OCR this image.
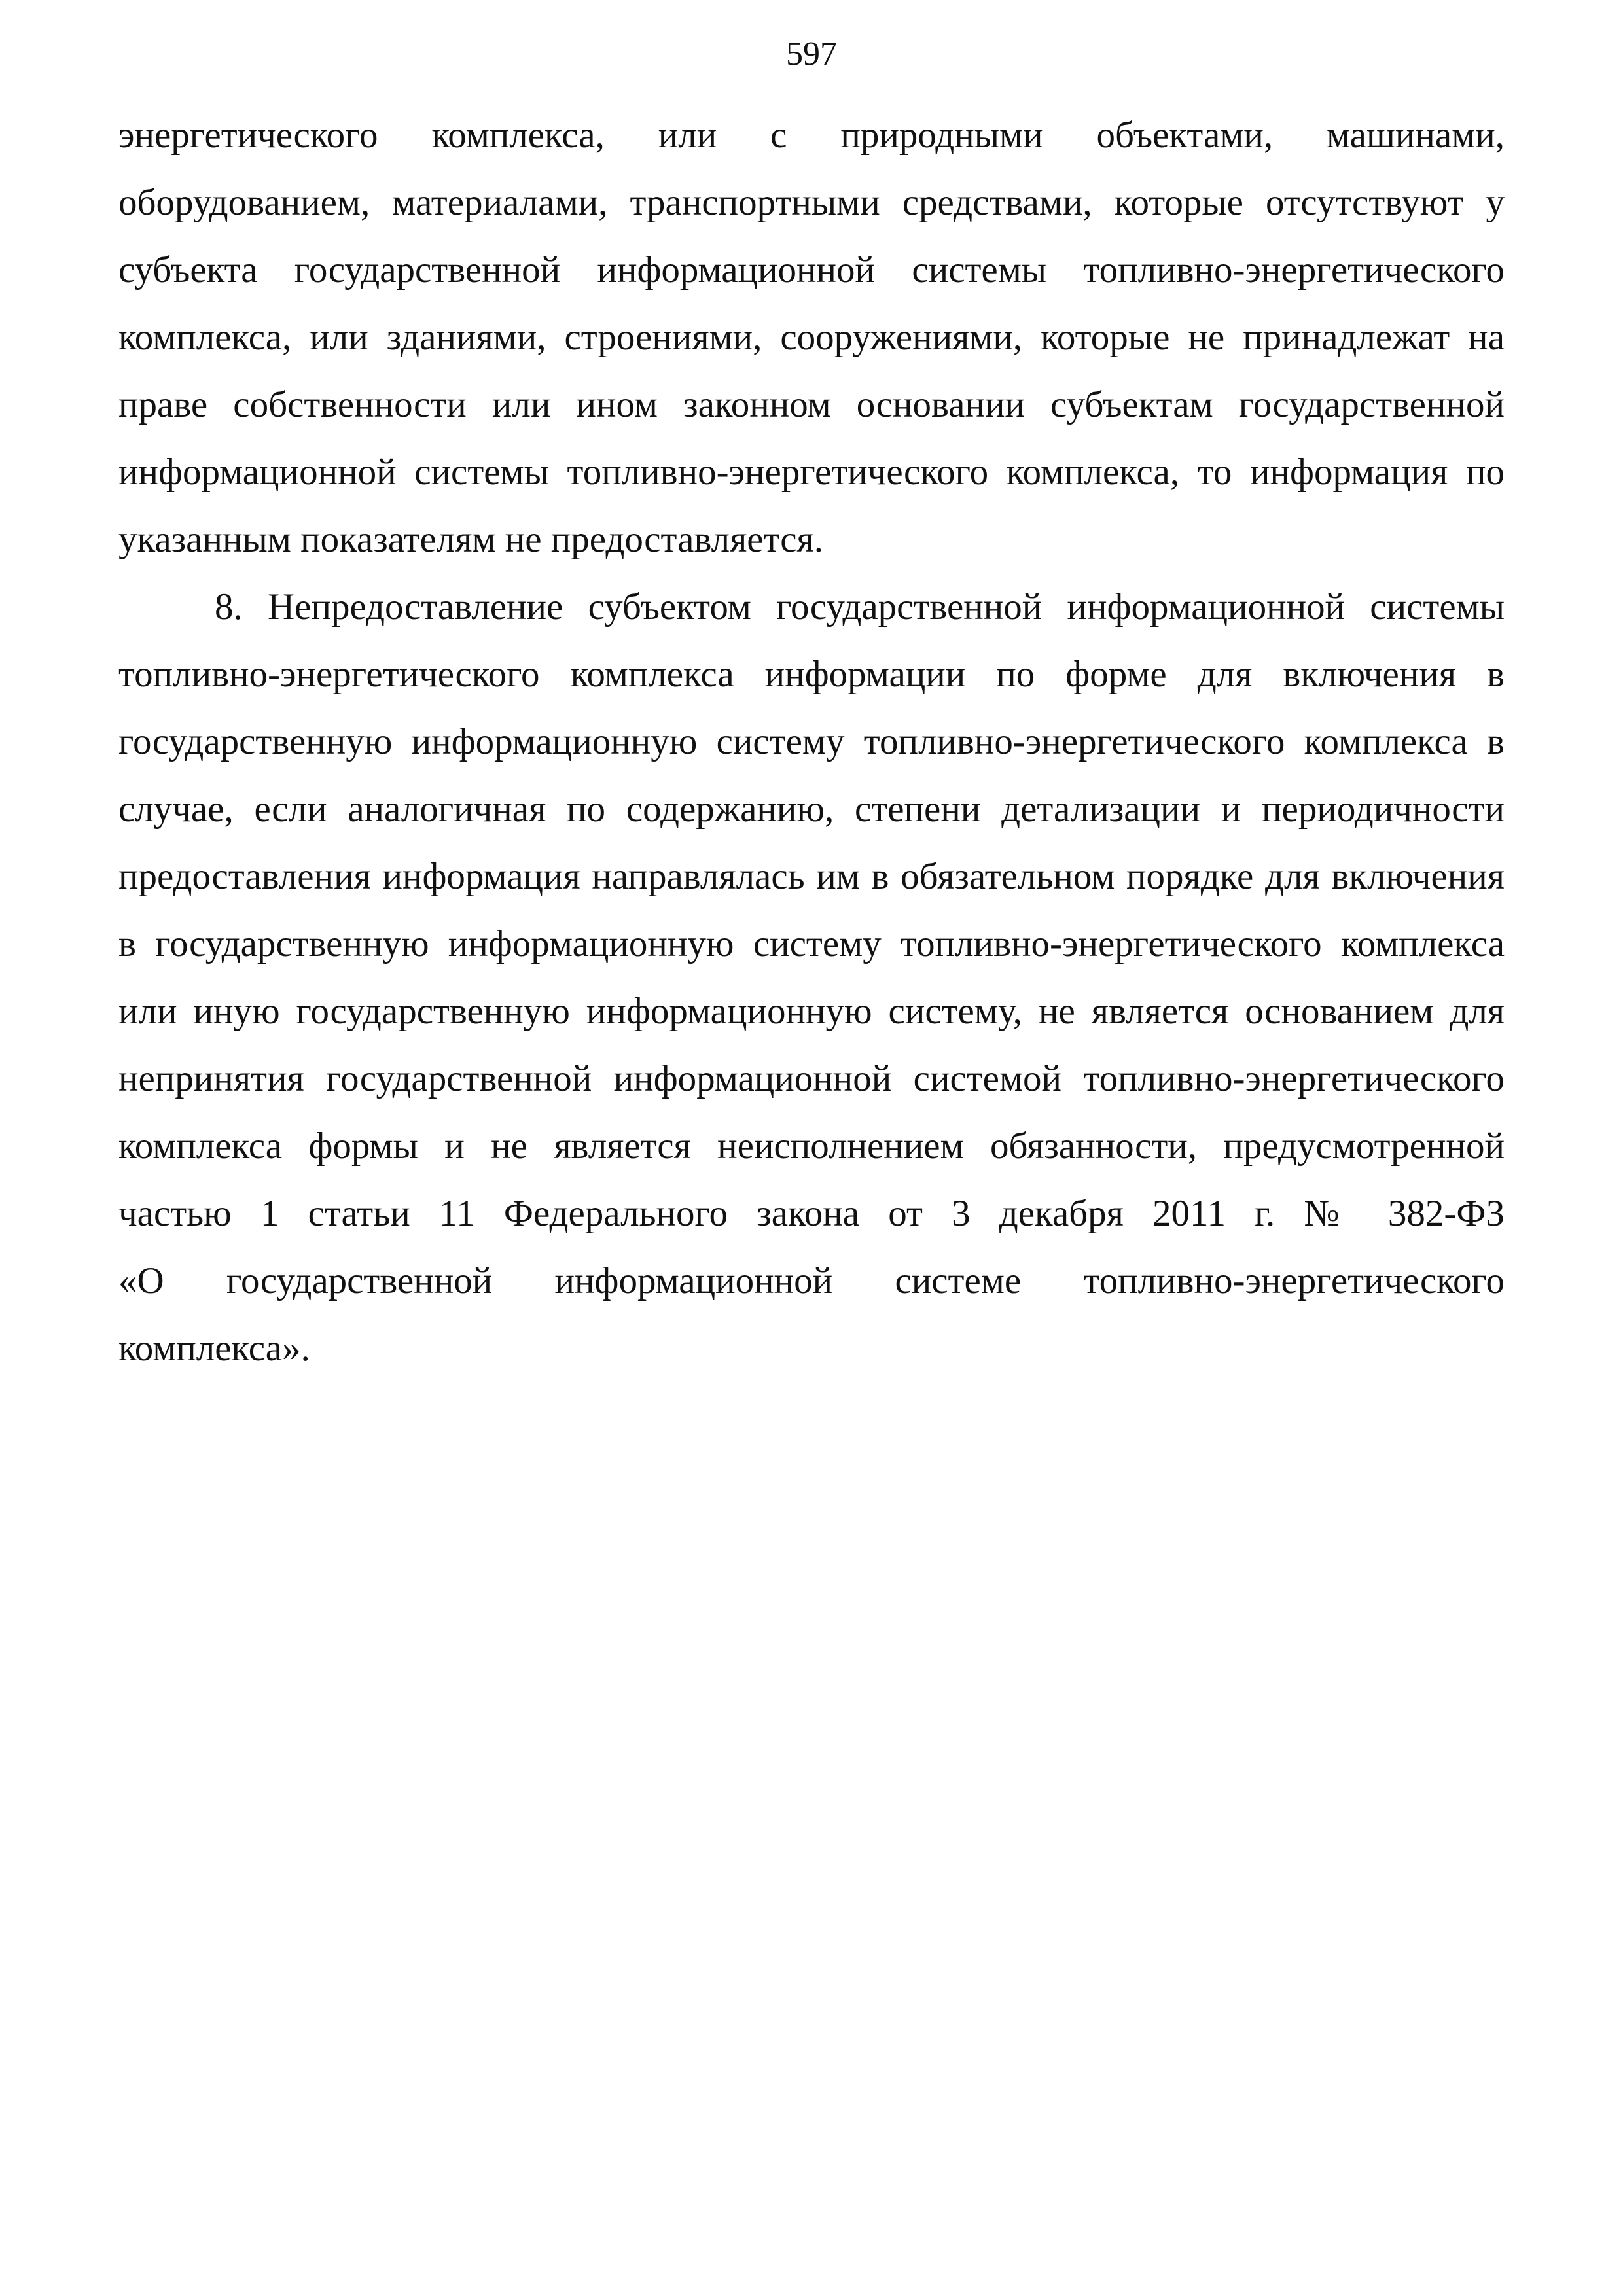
597
энергетического комплекса, или с природными объектами, машинами,
оборудованием, материалами, транспортными средствами, которые отсутствуют у
субъекта государственной информационной системы топливно-энергетического
комплекса, или зданиями, строениями, сооружениями, которые не принадлежат на
праве собственности или ином законном основании субъектам государственной
информационной системы топливно-энергетического комплекса, то информация по
указанным показателям не предоставляется.
8. Непредоставление субъектом государственной информационной системы
топливно-энергетического комплекса информации по форме для включения в
государственную информационную систему топливно-энергетического комплекса в
случае, если аналогичная по содержанию, степени детализации и периодичности
предоставления информация направлялась им в обязательном порядке для включения
в государственную информационную систему топливно-энергетического комплекса
или иную государственную информационную систему, не является основанием для
непринятия государственной информационной системой топливно-энергетического
комплекса формы и не является неисполнением обязанности, предусмотренной
частью 1 статьи 11 Федерального закона от 3 декабря 2011 г. № 382-ФЗ
«О государственной информационной системе топливно-энергетического
комплекса».
